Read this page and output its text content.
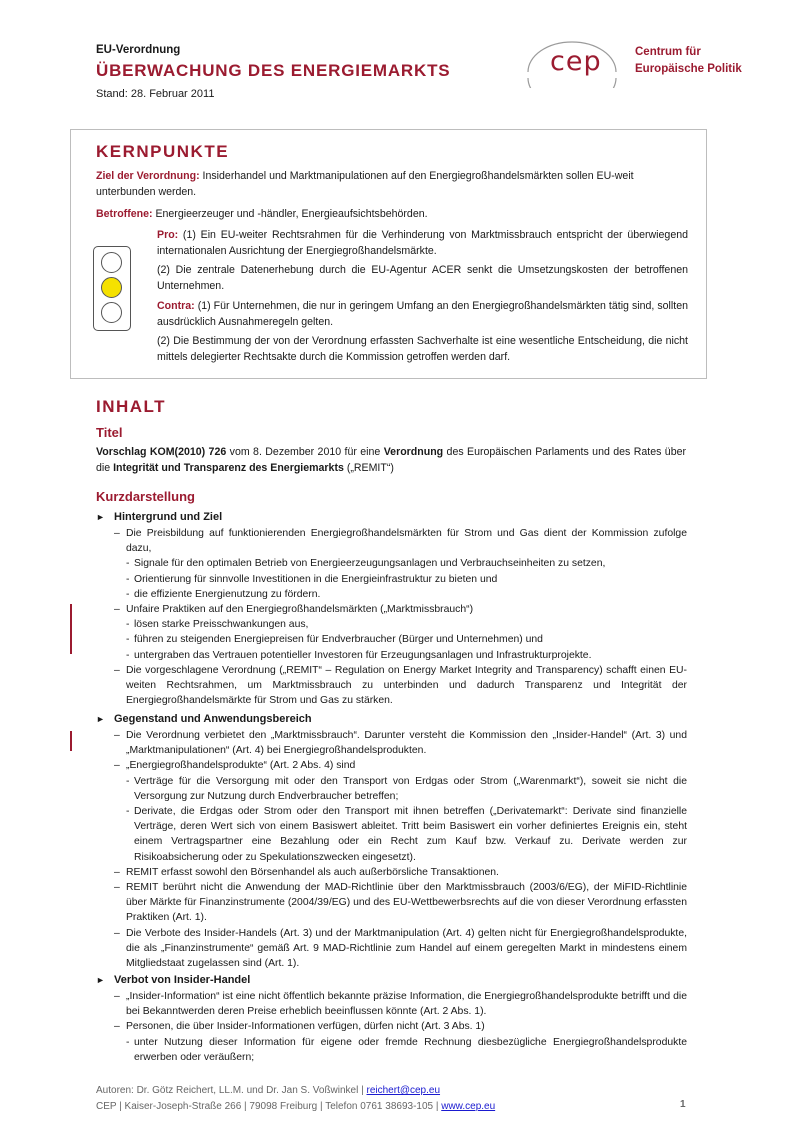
EU-Verordnung
ÜBERWACHUNG DES ENERGIEMARKTS
Stand: 28. Februar 2011
cep	Centrum für
Europäische Politik
KERNPUNKTE
Ziel der Verordnung: Insiderhandel und Marktmanipulationen auf den Energiegroßhandelsmärkten sollen EU-weit unterbunden werden.
Betroffene: Energieerzeuger und -händler, Energieaufsichtsbehörden.
Pro: (1) Ein EU-weiter Rechtsrahmen für die Verhinderung von Marktmissbrauch entspricht der überwiegend internationalen Ausrichtung der Energiegroßhandelsmärkte.
(2) Die zentrale Datenerhebung durch die EU-Agentur ACER senkt die Umsetzungskosten der betroffenen Unternehmen.
Contra: (1) Für Unternehmen, die nur in geringem Umfang an den Energiegroßhandelsmärkten tätig sind, sollten ausdrücklich Ausnahmeregeln gelten.
(2) Die Bestimmung der von der Verordnung erfassten Sachverhalte ist eine wesentliche Entscheidung, die nicht mittels delegierter Rechtsakte durch die Kommission getroffen werden darf.
INHALT
Titel
Vorschlag KOM(2010) 726 vom 8. Dezember 2010 für eine Verordnung des Europäischen Parlaments und des Rates über die Integrität und Transparenz des Energiemarkts („REMIT“)
Kurzdarstellung
► Hintergrund und Ziel
– Die Preisbildung auf funktionierenden Energiegroßhandelsmärkten für Strom und Gas dient der Kommission zufolge dazu,
- Signale für den optimalen Betrieb von Energieerzeugungsanlagen und Verbrauchseinheiten zu setzen,
- Orientierung für sinnvolle Investitionen in die Energieinfrastruktur zu bieten und
- die effiziente Energienutzung zu fördern.
– Unfaire Praktiken auf den Energiegroßhandelsmärkten („Marktmissbrauch“)
- lösen starke Preisschwankungen aus,
- führen zu steigenden Energiepreisen für Endverbraucher (Bürger und Unternehmen) und
- untergraben das Vertrauen potentieller Investoren für Erzeugungsanlagen und Infrastrukturprojekte.
– Die vorgeschlagene Verordnung („REMIT“ – Regulation on Energy Market Integrity and Transparency) schafft einen EU-weiten Rechtsrahmen, um Marktmissbrauch zu unterbinden und dadurch Transparenz und Integrität der Energiegroßhandelsmärkte für Strom und Gas zu stärken.
► Gegenstand und Anwendungsbereich
– Die Verordnung verbietet den „Marktmissbrauch“. Darunter versteht die Kommission den „Insider-Handel“ (Art. 3) und „Marktmanipulationen“ (Art. 4) bei Energiegroßhandelsprodukten.
– „Energiegroßhandelsprodukte“ (Art. 2 Abs. 4) sind
- Verträge für die Versorgung mit oder den Transport von Erdgas oder Strom („Warenmarkt“), soweit sie nicht die Versorgung zur Nutzung durch Endverbraucher betreffen;
- Derivate, die Erdgas oder Strom oder den Transport mit ihnen betreffen („Derivatemarkt“: Derivate sind finanzielle Verträge, deren Wert sich von einem Basiswert ableitet. Tritt beim Basiswert ein vorher definiertes Ereignis ein, steht einem Vertragspartner eine Bezahlung oder ein Recht zum Kauf bzw. Verkauf zu. Derivate werden zur Risikoabsicherung oder zu Spekulationszwecken eingesetzt).
– REMIT erfasst sowohl den Börsenhandel als auch außerbörsliche Transaktionen.
– REMIT berührt nicht die Anwendung der MAD-Richtlinie über den Marktmissbrauch (2003/6/EG), der MiFID-Richtlinie über Märkte für Finanzinstrumente (2004/39/EG) und des EU-Wettbewerbsrechts auf die von dieser Verordnung erfassten Praktiken (Art. 1).
– Die Verbote des Insider-Handels (Art. 3) und der Marktmanipulation (Art. 4) gelten nicht für Energiegroßhandelsprodukte, die als „Finanzinstrumente“ gemäß Art. 9 MAD-Richtlinie zum Handel auf einem geregelten Markt in mindestens einem Mitgliedstaat zugelassen sind (Art. 1).
► Verbot von Insider-Handel
– „Insider-Information“ ist eine nicht öffentlich bekannte präzise Information, die Energiegroßhandelsprodukte betrifft und die bei Bekanntwerden deren Preise erheblich beeinflussen könnte (Art. 2 Abs. 1).
– Personen, die über Insider-Informationen verfügen, dürfen nicht (Art. 3 Abs. 1)
- unter Nutzung dieser Information für eigene oder fremde Rechnung diesbezügliche Energiegroßhandelsprodukte erwerben oder veräußern;
Autoren: Dr. Götz Reichert, LL.M. und Dr. Jan S. Voßwinkel | reichert@cep.eu
CEP | Kaiser-Joseph-Straße 266 | 79098 Freiburg | Telefon 0761 38693-105 | www.cep.eu	1
